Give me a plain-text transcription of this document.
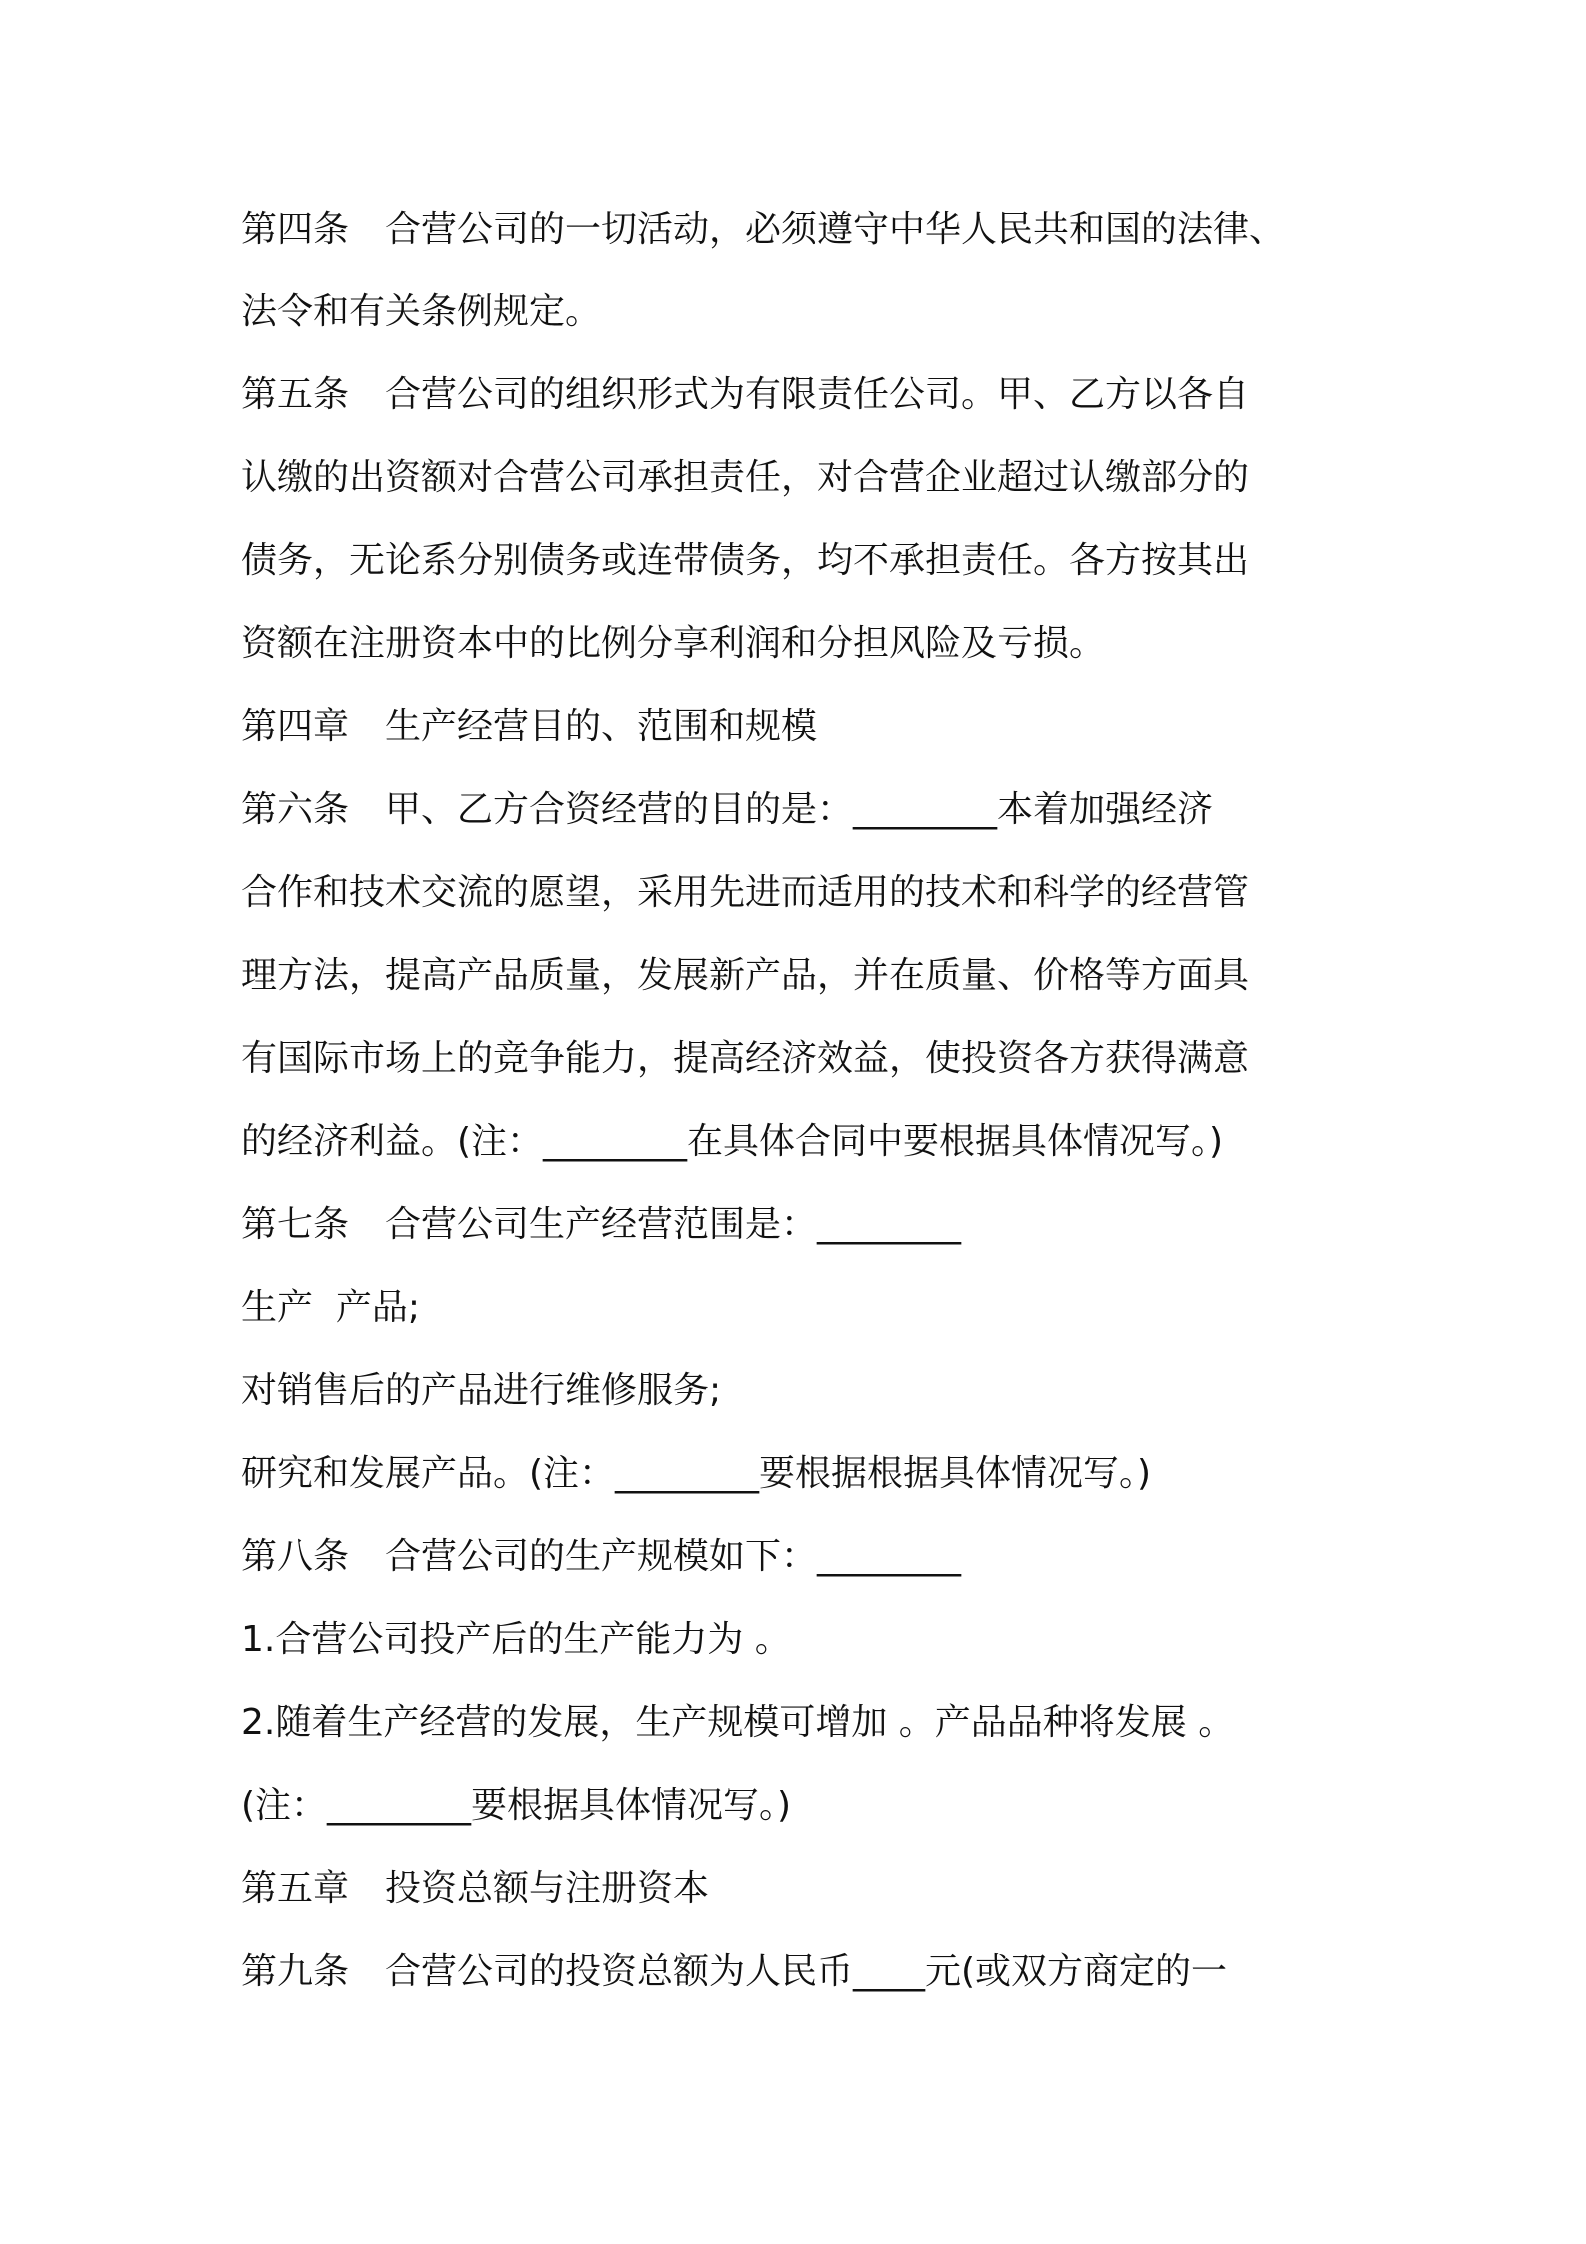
第四条　合营公司的一切活动，必须遵守中华人民共和国的法律、

法令和有关条例规定。

第五条　合营公司的组织形式为有限责任公司。甲、乙方以各自

认缴的出资额对合营公司承担责任，对合营企业超过认缴部分的

债务，无论系分别债务或连带债务，均不承担责任。各方按其出

资额在注册资本中的比例分享利润和分担风险及亏损。

第四章　生产经营目的、范围和规模

第六条　甲、乙方合资经营的目的是：________本着加强经济

合作和技术交流的愿望，采用先进而适用的技术和科学的经营管

理方法，提高产品质量，发展新产品，并在质量、价格等方面具

有国际市场上的竞争能力，提高经济效益，使投资各方获得满意

的经济利益。(注：________在具体合同中要根据具体情况写。)

第七条　合营公司生产经营范围是：________

生产  产品;

对销售后的产品进行维修服务;

研究和发展产品。(注：________要根据根据具体情况写。)

第八条　合营公司的生产规模如下：________

1.合营公司投产后的生产能力为 。

2.随着生产经营的发展，生产规模可增加 。产品品种将发展 。

(注：________要根据具体情况写。)

第五章　投资总额与注册资本

第九条　合营公司的投资总额为人民币____元(或双方商定的一
